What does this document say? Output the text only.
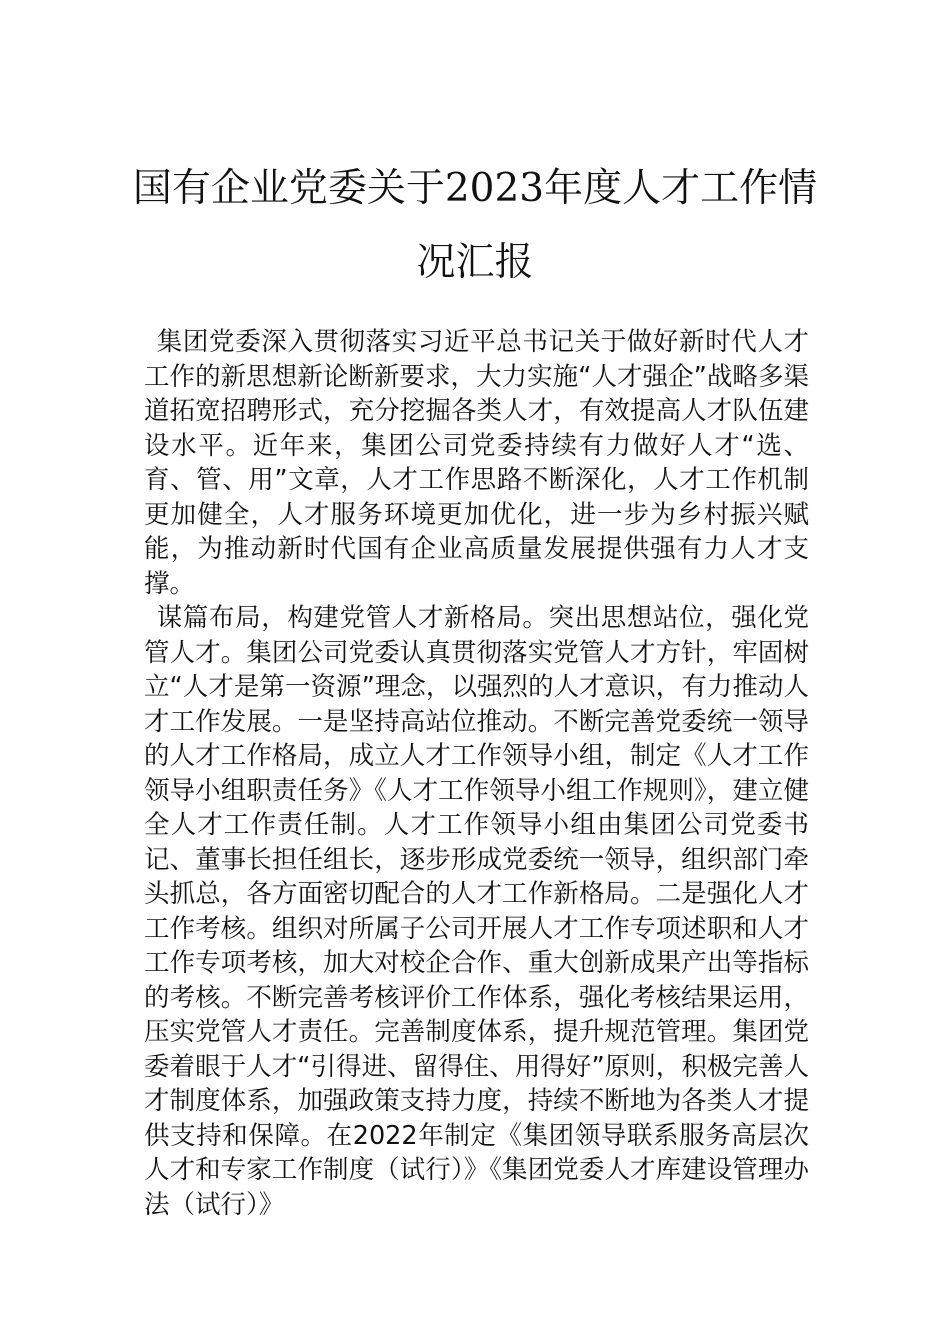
国有企业党委关于2023年度人才工作情况汇报

集团党委深入贯彻落实习近平总书记关于做好新时代人才工作的新思想新论断新要求，大力实施“人才强企”战略多渠道拓宽招聘形式，充分挖掘各类人才，有效提高人才队伍建设水平。近年来，集团公司党委持续有力做好人才“选、育、管、用”文章，人才工作思路不断深化，人才工作机制更加健全，人才服务环境更加优化，进一步为乡村振兴赋能，为推动新时代国有企业高质量发展提供强有力人才支撑。

谋篇布局，构建党管人才新格局。突出思想站位，强化党管人才。集团公司党委认真贯彻落实党管人才方针，牢固树立“人才是第一资源”理念，以强烈的人才意识，有力推动人才工作发展。一是坚持高站位推动。不断完善党委统一领导的人才工作格局，成立人才工作领导小组，制定《人才工作领导小组职责任务》《人才工作领导小组工作规则》，建立健全人才工作责任制。人才工作领导小组由集团公司党委书记、董事长担任组长，逐步形成党委统一领导，组织部门牵头抓总，各方面密切配合的人才工作新格局。二是强化人才工作考核。组织对所属子公司开展人才工作专项述职和人才工作专项考核，加大对校企合作、重大创新成果产出等指标的考核。不断完善考核评价工作体系，强化考核结果运用，压实党管人才责任。完善制度体系，提升规范管理。集团党委着眼于人才“引得进、留得住、用得好”原则，积极完善人才制度体系，加强政策支持力度，持续不断地为各类人才提供支持和保障。在2022年制定《集团领导联系服务高层次人才和专家工作制度（试行）》《集团党委人才库建设管理办法（试行）》
